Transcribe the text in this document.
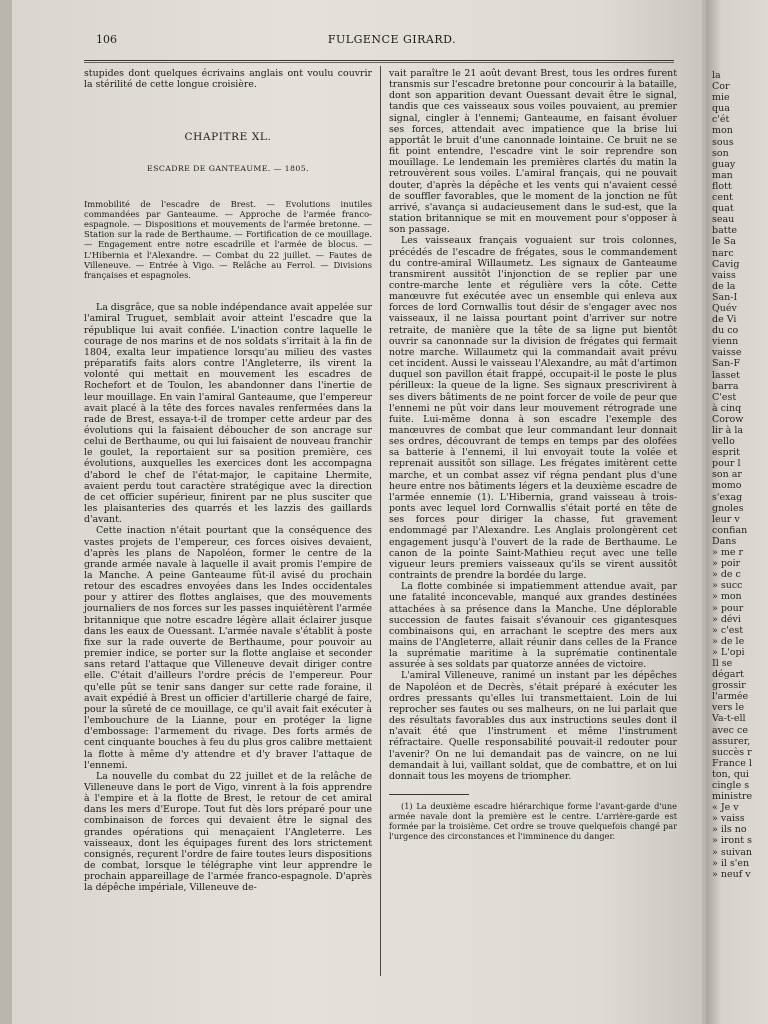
106	FULGENCE GIRARD.

stupides dont quelques écrivains anglais ont voulu couvrir la stérilité de cette longue croisière.

CHAPITRE XL.
ESCADRE DE GANTEAUME. — 1805.

Immobilité de l'escadre de Brest. — Evolutions inutiles commandées par Ganteaume. — Approche de l'armée franco-espagnole. — Dispositions et mouvements de l'armée bretonne. — Station sur la rade de Berthaume. — Fortification de ce mouillage. — Engagement entre notre escadrille et l'armée de blocus. — L'Hibernia et l'Alexandre. — Combat du 22 juillet. — Fautes de Villeneuve. — Entrée à Vigo. — Relâche au Ferrol. — Divisions françaises et espagnoles.

La disgrâce, que sa noble indépendance avait appelée sur l'amiral Truguet, semblait avoir atteint l'escadre que la république lui avait confiée. L'inaction contre laquelle le courage de nos marins et de nos soldats s'irritait à la fin de 1804, exalta leur impatience lorsqu'au milieu des vastes préparatifs faits alors contre l'Angleterre, ils virent la volonté qui mettait en mouvement les escadres de Rochefort et de Toulon, les abandonner dans l'inertie de leur mouillage. En vain l'amiral Ganteaume, que l'empereur avait placé à la tête des forces navales renfermées dans la rade de Brest, essaya-t-il de tromper cette ardeur par des évolutions qui la faisaient déboucher de son ancrage sur celui de Berthaume, ou qui lui faisaient de nouveau franchir le goulet, la reportaient sur sa position première, ces évolutions, auxquelles les exercices dont les accompagna d'abord le chef de l'état-major, le capitaine Lhermite, avaient perdu tout caractère stratégique avec la direction de cet officier supérieur, finirent par ne plus susciter que les plaisanteries des quarrés et les lazzis des gaillards d'avant.

Cette inaction n'était pourtant que la conséquence des vastes projets de l'empereur, ces forces oisives devaient, d'après les plans de Napoléon, former le centre de la grande armée navale à laquelle il avait promis l'empire de la Manche. A peine Ganteaume fût-il avisé du prochain retour des escadres envoyées dans les Indes occidentales pour y attirer des flottes anglaises, que des mouvements journaliers de nos forces sur les passes inquiétèrent l'armée britannique que notre escadre légère allait éclairer jusque dans les eaux de Ouessant. L'armée navale s'établit à poste fixe sur la rade ouverte de Berthaume, pour pouvoir au premier indice, se porter sur la flotte anglaise et seconder sans retard l'attaque que Villeneuve devait diriger contre elle. C'était d'ailleurs l'ordre précis de l'empereur. Pour qu'elle pût se tenir sans danger sur cette rade foraine, il avait expédié à Brest un officier d'artillerie chargé de faire, pour la sûreté de ce mouillage, ce qu'il avait fait exécuter à l'embouchure de la Lianne, pour en protéger la ligne d'embossage: l'armement du rivage. Des forts armés de cent cinquante bouches à feu du plus gros calibre mettaient la flotte à même d'y attendre et d'y braver l'attaque de l'ennemi.

La nouvelle du combat du 22 juillet et de la relâche de Villeneuve dans le port de Vigo, vinrent à la fois apprendre à l'empire et à la flotte de Brest, le retour de cet amiral dans les mers d'Europe. Tout fut dès lors préparé pour une combinaison de forces qui devaient être le signal des grandes opérations qui menaçaient l'Angleterre. Les vaisseaux, dont les équipages furent des lors strictement consignés, reçurent l'ordre de faire toutes leurs dispositions de combat, lorsque le télégraphe vint leur apprendre le prochain appareillage de l'armée franco-espagnole. D'après la dépêche impériale, Villeneuve de-

vait paraître le 21 août devant Brest, tous les ordres furent transmis sur l'escadre bretonne pour concourir à la bataille, dont son apparition devant Ouessant devait être le signal, tandis que ces vaisseaux sous voiles pouvaient, au premier signal, cingler à l'ennemi; Ganteaume, en faisant évoluer ses forces, attendait avec impatience que la brise lui apportât le bruit d'une canonnade lointaine. Ce bruit ne se fit point entendre, l'escadre vint le soir reprendre son mouillage. Le lendemain les premières clartés du matin la retrouvèrent sous voiles. L'amiral français, qui ne pouvait douter, d'après la dépêche et les vents qui n'avaient cessé de souffler favorables, que le moment de la jonction ne fût arrivé, s'avança si audacieusement dans le sud-est, que la station britannique se mit en mouvement pour s'opposer à son passage.

Les vaisseaux français voguaient sur trois colonnes, précédés de l'escadre de frégates, sous le commandement du contre-amiral Willaumetz. Les signaux de Ganteaume transmirent aussitôt l'injonction de se replier par une contre-marche lente et régulière vers la côte. Cette manœuvre fut exécutée avec un ensemble qui enleva aux forces de lord Cornwallis tout désir de s'engager avec nos vaisseaux, il ne laissa pourtant point d'arriver sur notre retraite, de manière que la tête de sa ligne put bientôt ouvrir sa canonnade sur la division de frégates qui fermait notre marche. Willaumetz qui la commandait avait prévu cet incident. Aussi le vaisseau l'Alexandre, au mât d'artimon duquel son pavillon était frappé, occupait-il le poste le plus périlleux: la queue de la ligne. Ses signaux prescrivirent à ses divers bâtiments de ne point forcer de voile de peur que l'ennemi ne pût voir dans leur mouvement rétrograde une fuite. Lui-même donna à son escadre l'exemple des manœuvres de combat que leur commandant leur donnait ses ordres, découvrant de temps en temps par des olofées sa batterie à l'ennemi, il lui envoyait toute la volée et reprenait aussitôt son sillage. Les frégates imitèrent cette marche, et un combat assez vif régna pendant plus d'une heure entre nos bâtiments légers et la deuxième escadre de l'armée ennemie (1). L'Hibernia, grand vaisseau à trois-ponts avec lequel lord Cornwallis s'était porté en tête de ses forces pour diriger la chasse, fut gravement endommagé par l'Alexandre. Les Anglais prolongèrent cet engagement jusqu'à l'ouvert de la rade de Berthaume. Le canon de la pointe Saint-Mathieu reçut avec une telle vigueur leurs premiers vaisseaux qu'ils se virent aussitôt contraints de prendre la bordée du large.

La flotte combinée si impatiemment attendue avait, par une fatalité inconcevable, manqué aux grandes destinées attachées à sa présence dans la Manche. Une déplorable succession de fautes faisait s'évanouir ces gigantesques combinaisons qui, en arrachant le sceptre des mers aux mains de l'Angleterre, allait réunir dans celles de la France la suprématie maritime à la suprématie continentale assurée à ses soldats par quatorze années de victoire.

L'amiral Villeneuve, ranimé un instant par les dépêches de Napoléon et de Decrès, s'était préparé à exécuter les ordres pressants qu'elles lui transmettaient. Loin de lui reprocher ses fautes ou ses malheurs, on ne lui parlait que des résultats favorables dus aux instructions seules dont il n'avait été que l'instrument et même l'instrument réfractaire. Quelle responsabilité pouvait-il redouter pour l'avenir? On ne lui demandait pas de vaincre, on ne lui demandait à lui, vaillant soldat, que de combattre, et on lui donnait tous les moyens de triompher.

(1) La deuxième escadre hiérarchique forme l'avant-garde d'une armée navale dont la première est le centre. L'arrière-garde est formée par la troisième. Cet ordre se trouve quelquefois changé par l'urgence des circonstances et l'imminence du danger.

la
Cor
mie
qua
c'ét
mon
sous
son
guay
man
flott
cent
quat
seau
batte
le Sa
narc
Cavig
vaiss
de la
San-I
Quév
de Vi
du co
vienn
vaisse
San-F
lasset
barra
C'est
à cinq
Corow
lir à la
vello
esprit
pour l
son ar
momo
s'exag
gnoles
leur v
confian
Dans
» me r
» poir
» de c
» succ
» mon
» pour
» dévi
» c'est
» de le
» L'opi
Il se
dégart
grossir
l'armée
vers le
Va-t-ell
avec ce
assurer,
succès r
France l
ton, qui
cingle s
ministre
« Je v
» vaiss
» ils no
» iront s
» suivan
» il s'en
» neuf v
